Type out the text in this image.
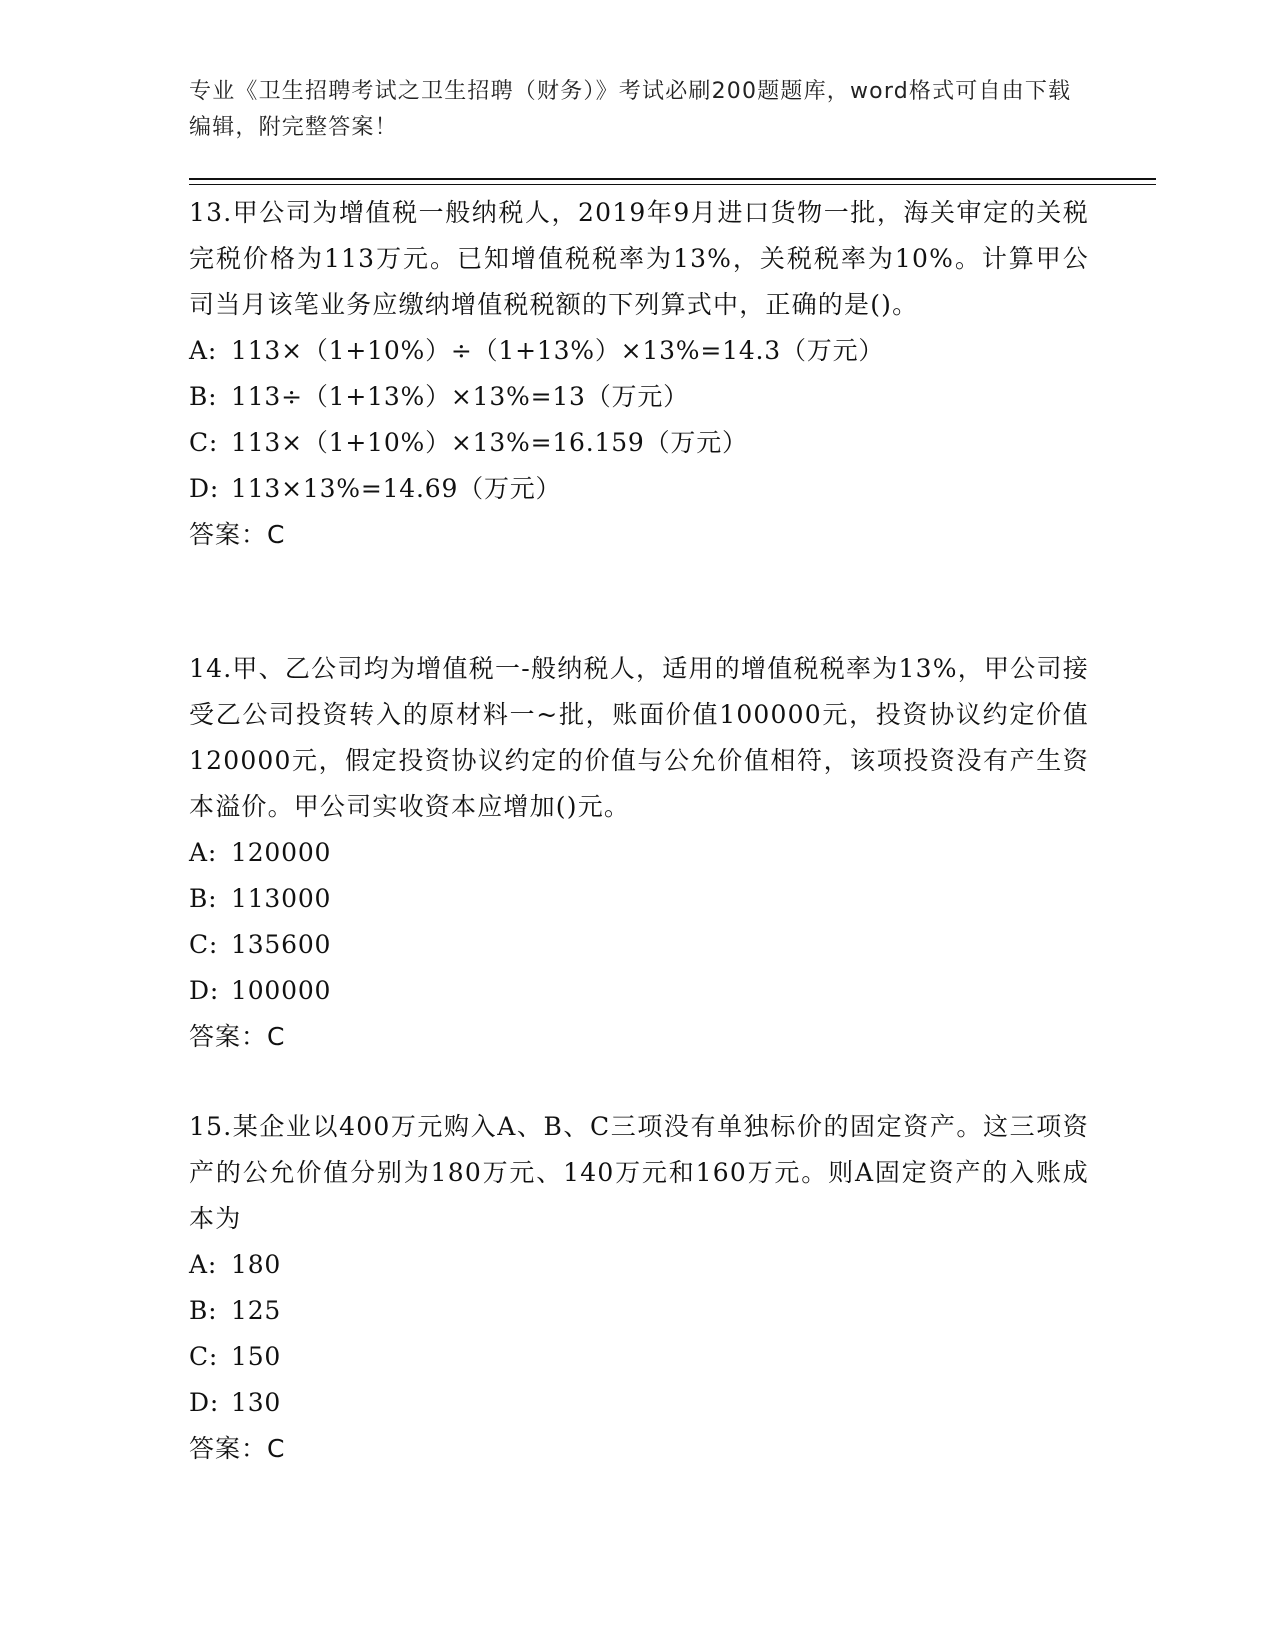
专业《卫生招聘考试之卫生招聘（财务）》考试必刷200题题库，word格式可自由下载编辑，附完整答案！

13.甲公司为增值税一般纳税人，2019年9月进口货物一批，海关审定的关税完税价格为113万元。已知增值税税率为13%，关税税率为10%。计算甲公司当月该笔业务应缴纳增值税税额的下列算式中，正确的是()。

A: 113×（1+10%）÷（1+13%）×13%=14.3（万元）

B: 113÷（1+13%）×13%=13（万元）

C: 113×（1+10%）×13%=16.159（万元）

D: 113×13%=14.69（万元）

答案：C

14.甲、乙公司均为增值税一-般纳税人，适用的增值税税率为13%，甲公司接受乙公司投资转入的原材料一~批，账面价值100000元，投资协议约定价值120000元，假定投资协议约定的价值与公允价值相符，该项投资没有产生资本溢价。甲公司实收资本应增加()元。

A: 120000

B: 113000

C: 135600

D: 100000

答案：C

15.某企业以400万元购入A、B、C三项没有单独标价的固定资产。这三项资产的公允价值分别为180万元、140万元和160万元。则A固定资产的入账成本为

A: 180

B: 125

C: 150

D: 130

答案：C
